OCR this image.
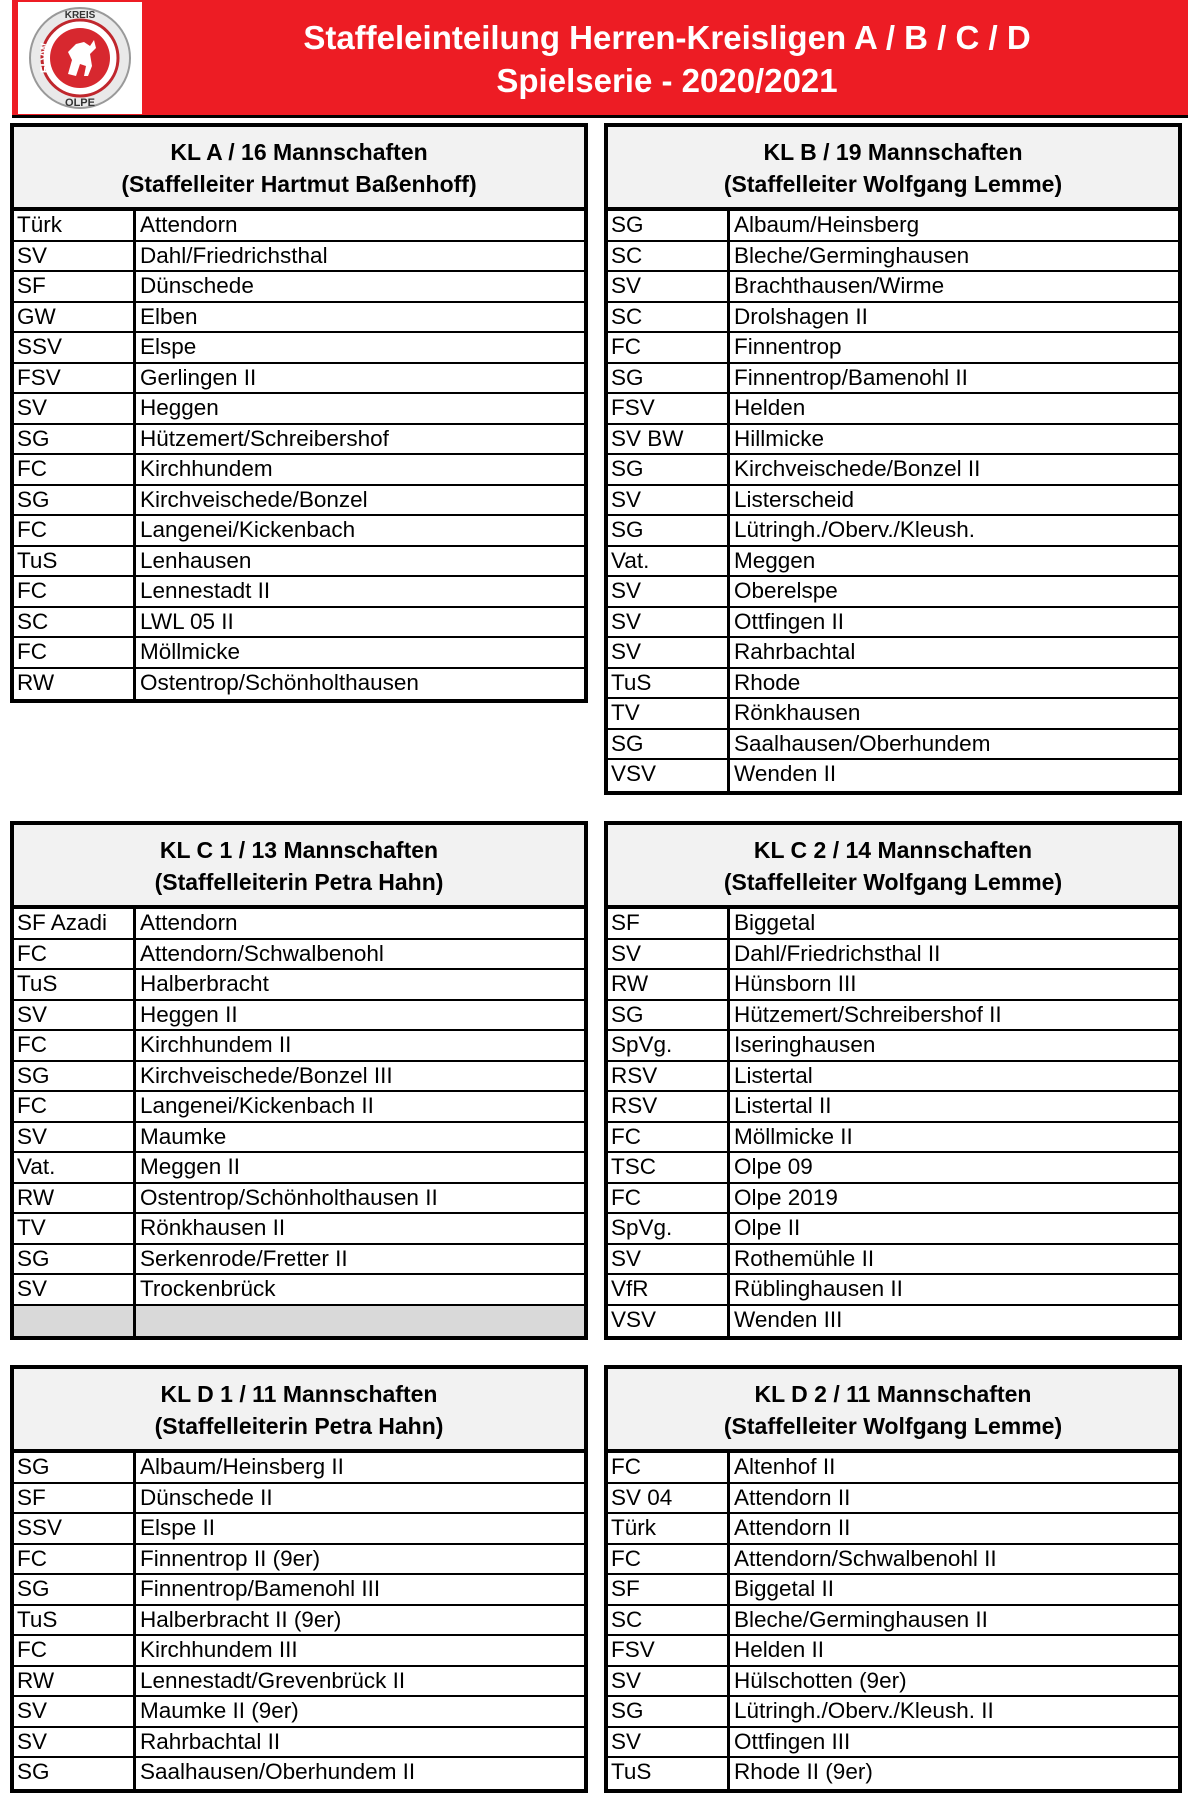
KREIS
OLPE
FLVW
Staffeleinteilung Herren-Kreisligen A / B / C / D
Spielserie - 2020/2021
KL A / 16 Mannschaften
(Staffelleiter Hartmut Baßenhoff)
Türk	Attendorn
SV	Dahl/Friedrichsthal
SF	Dünschede
GW	Elben
SSV	Elspe
FSV	Gerlingen II
SV	Heggen
SG	Hützemert/Schreibershof
FC	Kirchhundem
SG	Kirchveischede/Bonzel
FC	Langenei/Kickenbach
TuS	Lenhausen
FC	Lennestadt II
SC	LWL 05 II
FC	Möllmicke
RW	Ostentrop/Schönholthausen
KL B / 19 Mannschaften
(Staffelleiter Wolfgang Lemme)
SG	Albaum/Heinsberg
SC	Bleche/Germinghausen
SV	Brachthausen/Wirme
SC	Drolshagen II
FC	Finnentrop
SG	Finnentrop/Bamenohl II
FSV	Helden
SV BW	Hillmicke
SG	Kirchveischede/Bonzel II
SV	Listerscheid
SG	Lütringh./Oberv./Kleush.
Vat.	Meggen
SV	Oberelspe
SV	Ottfingen II
SV	Rahrbachtal
TuS	Rhode
TV	Rönkhausen
SG	Saalhausen/Oberhundem
VSV	Wenden II
KL C 1 / 13 Mannschaften
(Staffelleiterin Petra Hahn)
SF Azadi	Attendorn
FC	Attendorn/Schwalbenohl
TuS	Halberbracht
SV	Heggen II
FC	Kirchhundem II
SG	Kirchveischede/Bonzel III
FC	Langenei/Kickenbach II
SV	Maumke
Vat.	Meggen II
RW	Ostentrop/Schönholthausen II
TV	Rönkhausen II
SG	Serkenrode/Fretter II
SV	Trockenbrück
KL C 2 / 14 Mannschaften
(Staffelleiter Wolfgang Lemme)
SF	Biggetal
SV	Dahl/Friedrichsthal II
RW	Hünsborn III
SG	Hützemert/Schreibershof II
SpVg.	Iseringhausen
RSV	Listertal
RSV	Listertal II
FC	Möllmicke II
TSC	Olpe 09
FC	Olpe 2019
SpVg.	Olpe II
SV	Rothemühle II
VfR	Rüblinghausen II
VSV	Wenden III
KL D 1 / 11 Mannschaften
(Staffelleiterin Petra Hahn)
SG	Albaum/Heinsberg II
SF	Dünschede II
SSV	Elspe II
FC	Finnentrop II (9er)
SG	Finnentrop/Bamenohl III
TuS	Halberbracht II (9er)
FC	Kirchhundem III
RW	Lennestadt/Grevenbrück II
SV	Maumke II (9er)
SV	Rahrbachtal II
SG	Saalhausen/Oberhundem II
KL D 2 / 11 Mannschaften
(Staffelleiter Wolfgang Lemme)
FC	Altenhof II
SV 04	Attendorn II
Türk	Attendorn II
FC	Attendorn/Schwalbenohl II
SF	Biggetal II
SC	Bleche/Germinghausen II
FSV	Helden II
SV	Hülschotten (9er)
SG	Lütringh./Oberv./Kleush. II
SV	Ottfingen III
TuS	Rhode II (9er)
